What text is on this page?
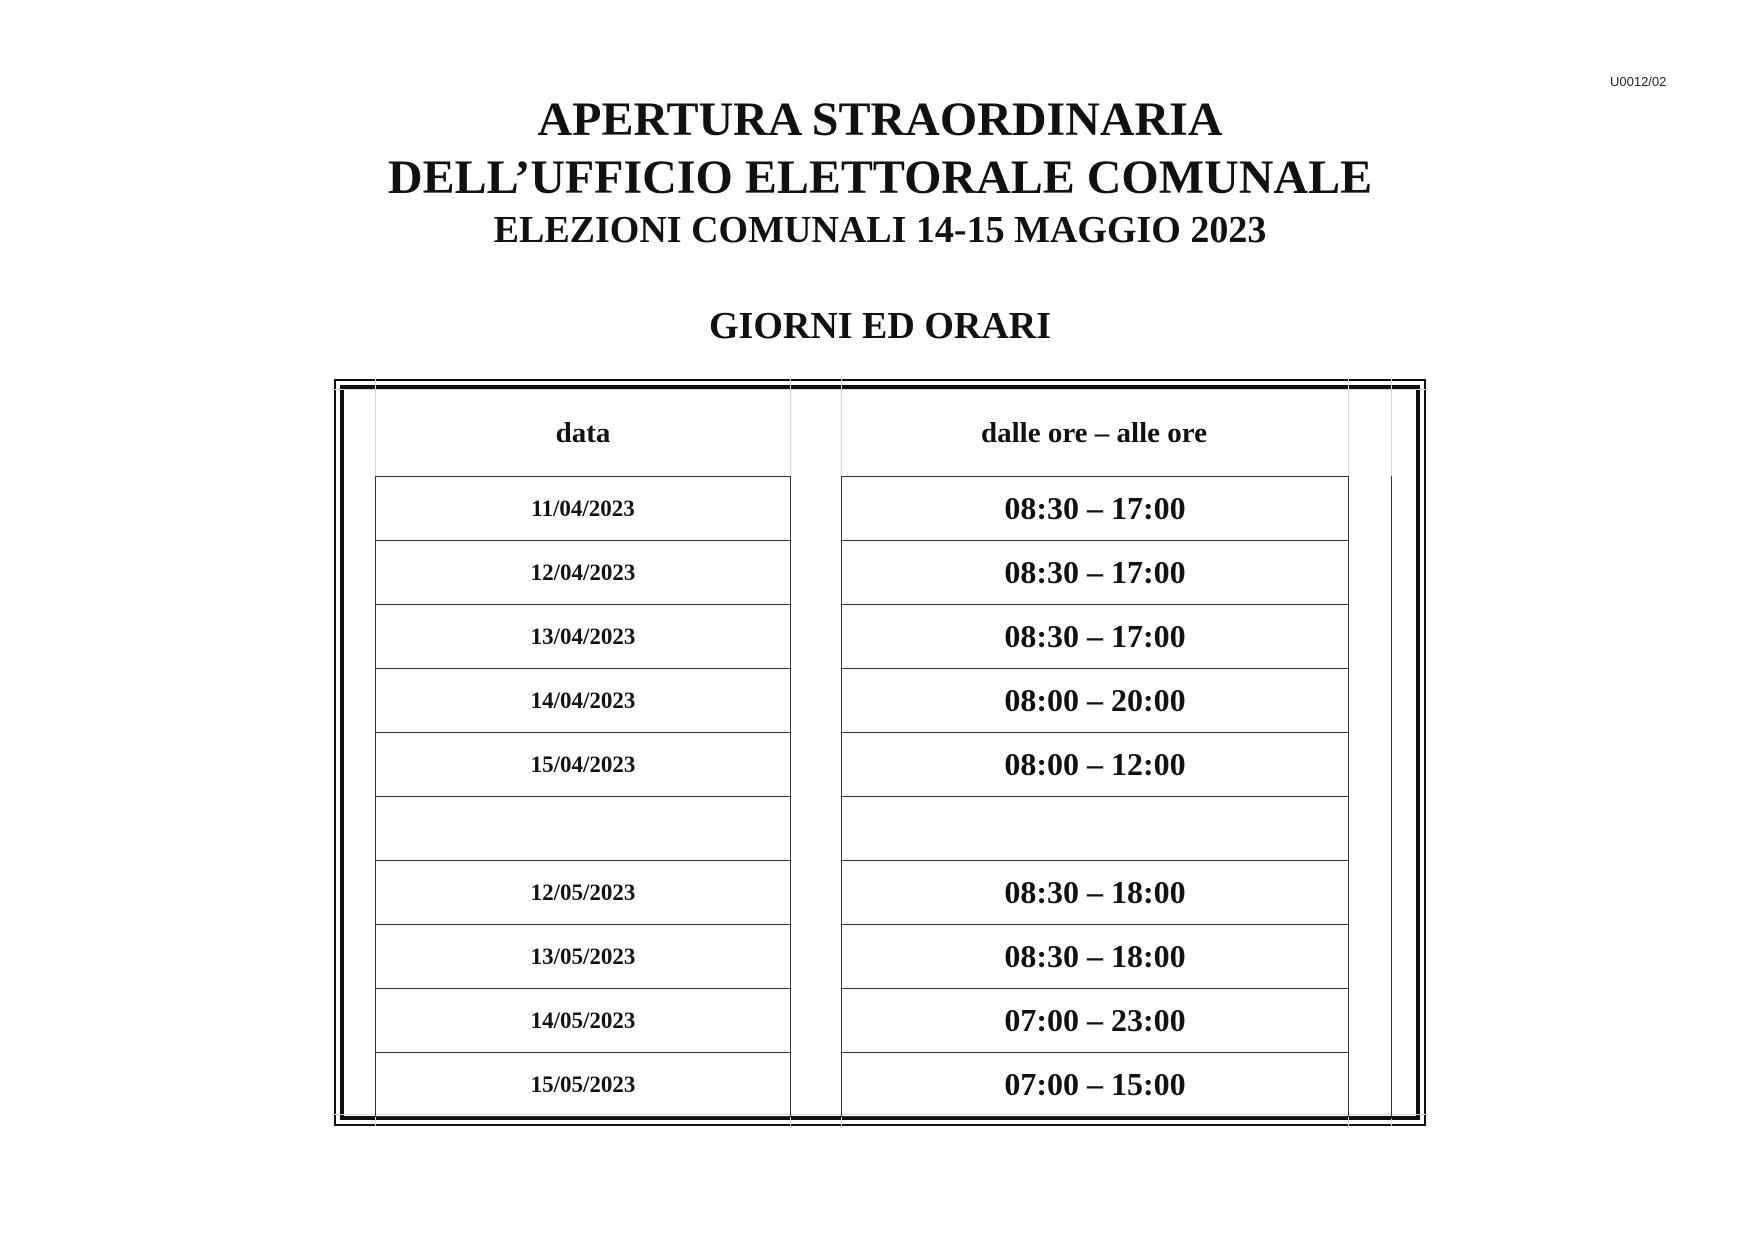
U0012/02
APERTURA STRAORDINARIA
DELL’UFFICIO ELETTORALE COMUNALE
ELEZIONI COMUNALI 14-15 MAGGIO 2023
GIORNI ED ORARI
data	dalle ore – alle ore
11/04/2023	08:30 – 17:00
12/04/2023	08:30 – 17:00
13/04/2023	08:30 – 17:00
14/04/2023	08:00 – 20:00
15/04/2023	08:00 – 12:00
12/05/2023	08:30 – 18:00
13/05/2023	08:30 – 18:00
14/05/2023	07:00 – 23:00
15/05/2023	07:00 – 15:00
